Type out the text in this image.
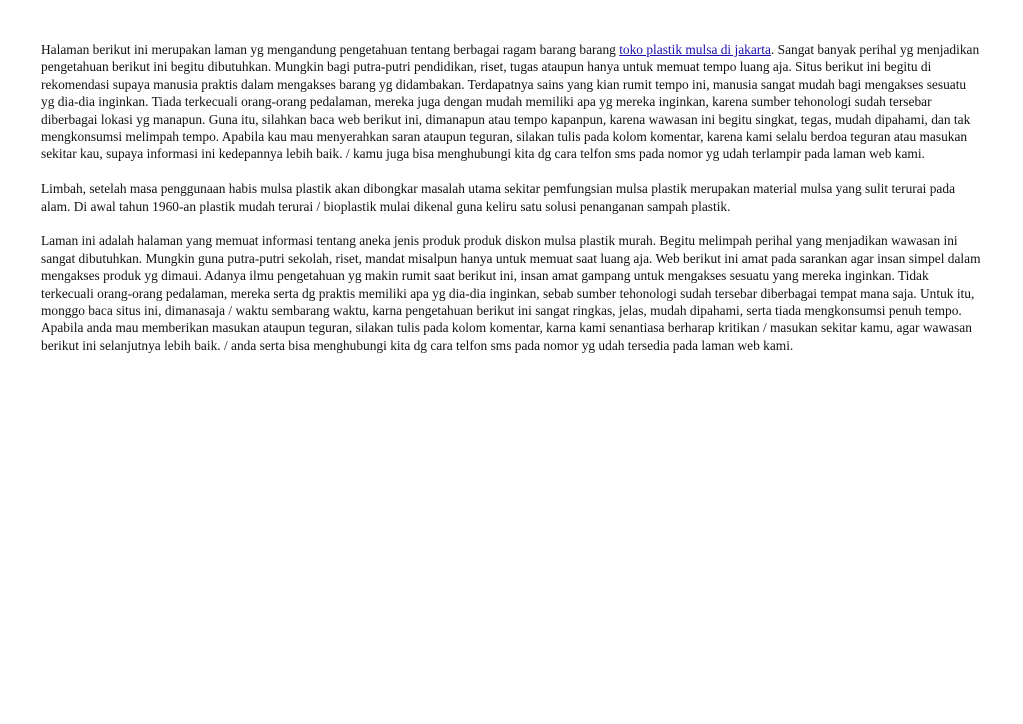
Halaman berikut ini merupakan laman yg mengandung pengetahuan tentang berbagai ragam barang barang toko plastik mulsa di jakarta. Sangat banyak perihal yg menjadikan pengetahuan berikut ini begitu dibutuhkan. Mungkin bagi putra-putri pendidikan, riset, tugas ataupun hanya untuk memuat tempo luang aja. Situs berikut ini begitu di rekomendasi supaya manusia praktis dalam mengakses barang yg didambakan. Terdapatnya sains yang kian rumit tempo ini, manusia sangat mudah bagi mengakses sesuatu yg dia-dia inginkan. Tiada terkecuali orang-orang pedalaman, mereka juga dengan mudah memiliki apa yg mereka inginkan, karena sumber tehonologi sudah tersebar diberbagai lokasi yg manapun. Guna itu, silahkan baca web berikut ini, dimanapun atau tempo kapanpun, karena wawasan ini begitu singkat, tegas, mudah dipahami, dan tak mengkonsumsi melimpah tempo. Apabila kau mau menyerahkan saran ataupun teguran, silakan tulis pada kolom komentar, karena kami selalu berdoa teguran atau masukan sekitar kau, supaya informasi ini kedepannya lebih baik. / kamu juga bisa menghubungi kita dg cara telfon sms pada nomor yg udah terlampir pada laman web kami.

Limbah, setelah masa penggunaan habis mulsa plastik akan dibongkar masalah utama sekitar pemfungsian mulsa plastik merupakan material mulsa yang sulit terurai pada alam. Di awal tahun 1960-an plastik mudah terurai / bioplastik mulai dikenal guna keliru satu solusi penanganan sampah plastik.

Laman ini adalah halaman yang memuat informasi tentang aneka jenis produk produk diskon mulsa plastik murah. Begitu melimpah perihal yang menjadikan wawasan ini sangat dibutuhkan. Mungkin guna putra-putri sekolah, riset, mandat misalpun hanya untuk memuat saat luang aja. Web berikut ini amat pada sarankan agar insan simpel dalam mengakses produk yg dimaui. Adanya ilmu pengetahuan yg makin rumit saat berikut ini, insan amat gampang untuk mengakses sesuatu yang mereka inginkan. Tidak terkecuali orang-orang pedalaman, mereka serta dg praktis memiliki apa yg dia-dia inginkan, sebab sumber tehonologi sudah tersebar diberbagai tempat mana saja. Untuk itu, monggo baca situs ini, dimanasaja / waktu sembarang waktu, karna pengetahuan berikut ini sangat ringkas, jelas, mudah dipahami, serta tiada mengkonsumsi penuh tempo. Apabila anda mau memberikan masukan ataupun teguran, silakan tulis pada kolom komentar, karna kami senantiasa berharap kritikan / masukan sekitar kamu, agar wawasan berikut ini selanjutnya lebih baik. / anda serta bisa menghubungi kita dg cara telfon sms pada nomor yg udah tersedia pada laman web kami.
